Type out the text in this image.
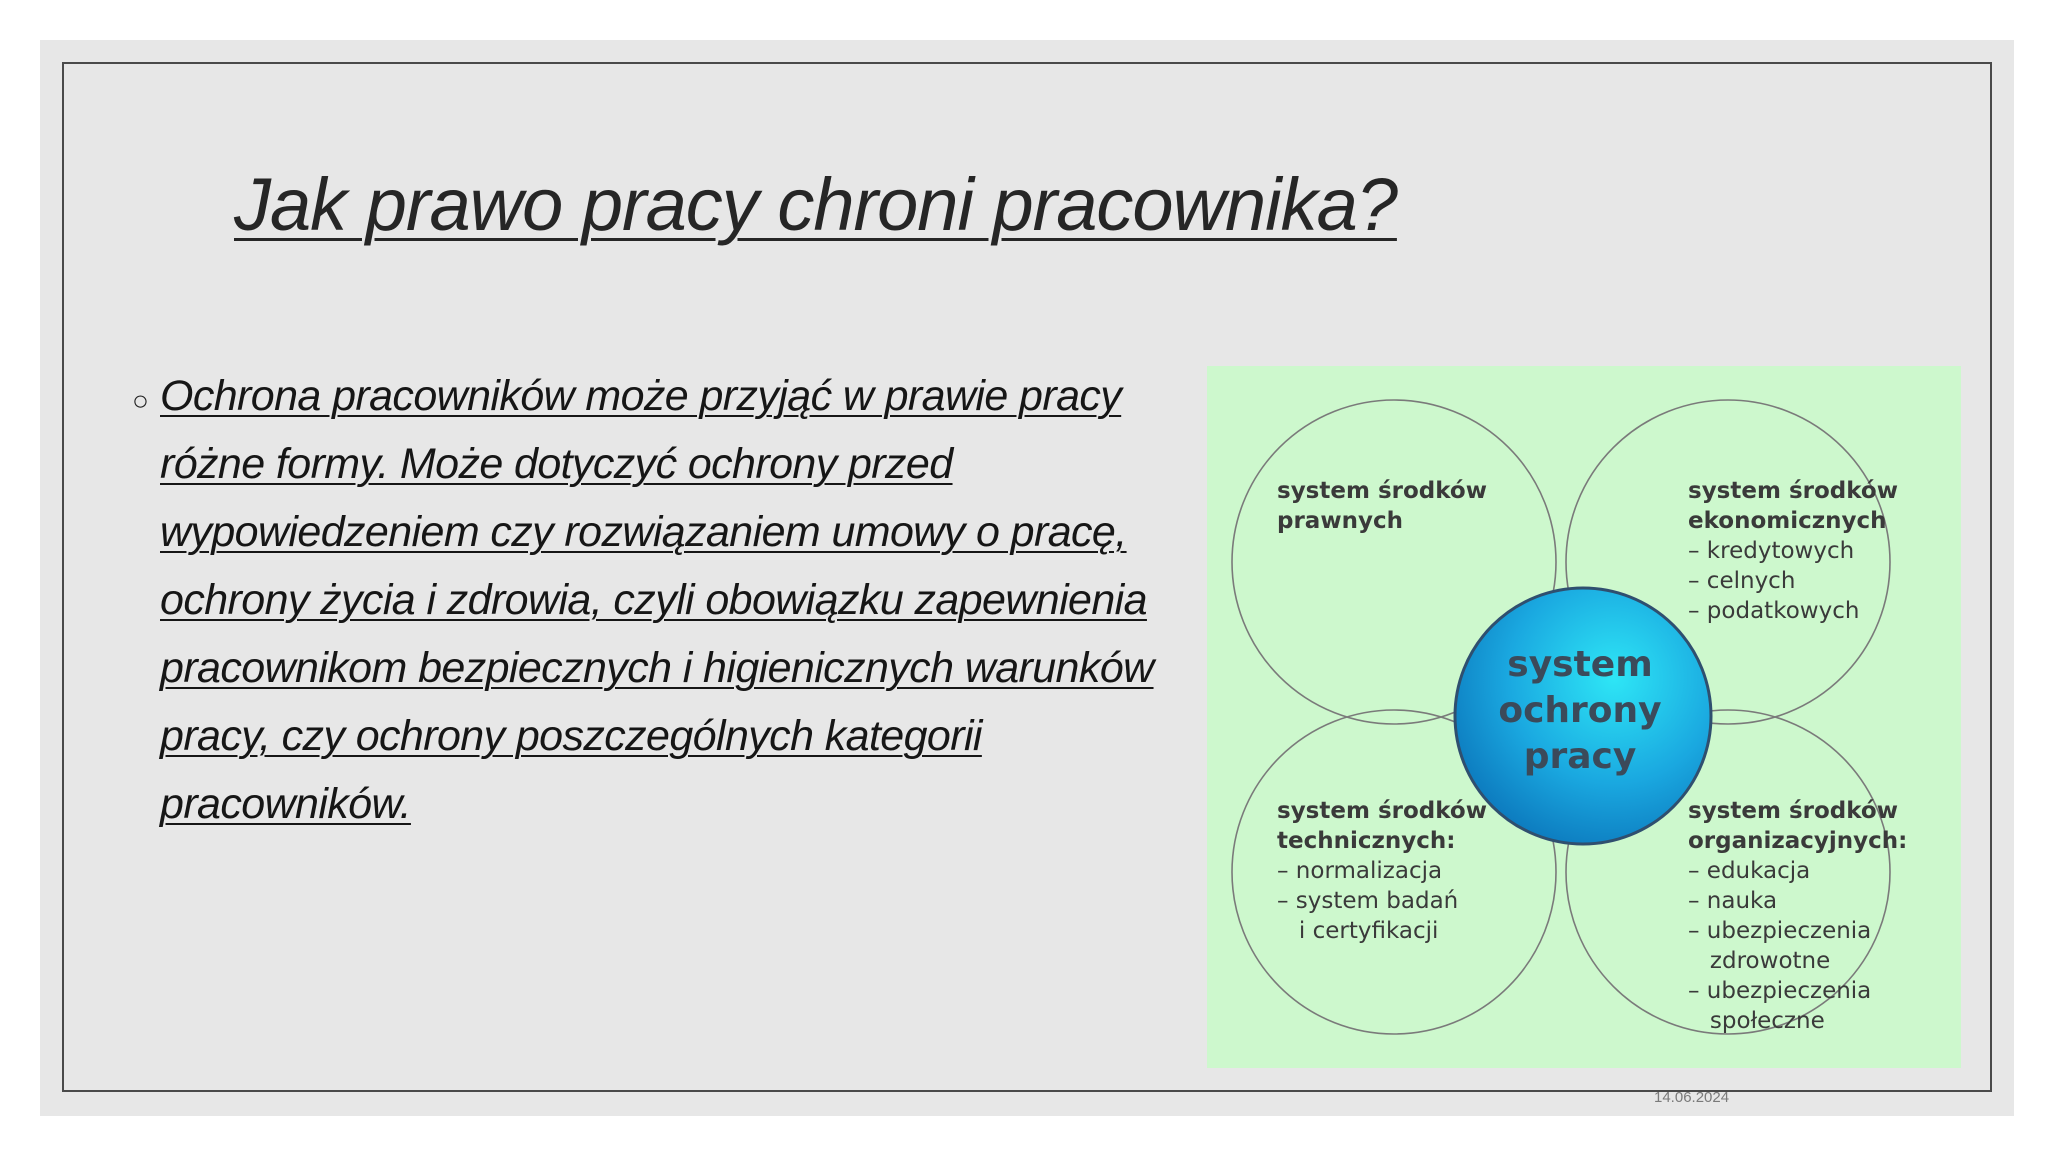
Jak prawo pracy chroni pracownika?
○ Ochrona pracowników może przyjąć w prawie pracy różne formy. Może dotyczyć ochrony przed wypowiedzeniem czy rozwiązaniem umowy o pracę, ochrony życia i zdrowia, czyli obowiązku zapewnienia pracownikom bezpiecznych i higienicznych warunków pracy, czy ochrony poszczególnych kategorii pracowników.

system
ochrony
pracy
system środków
prawnych
system środków
ekonomicznych
– kredytowych
– celnych
– podatkowych
system środków
technicznych:
– normalizacja
– system badań
i certyfikacji
system środków
organizacyjnych:
– edukacja
– nauka
– ubezpieczenia
zdrowotne
– ubezpieczenia
społeczne
14.06.2024
